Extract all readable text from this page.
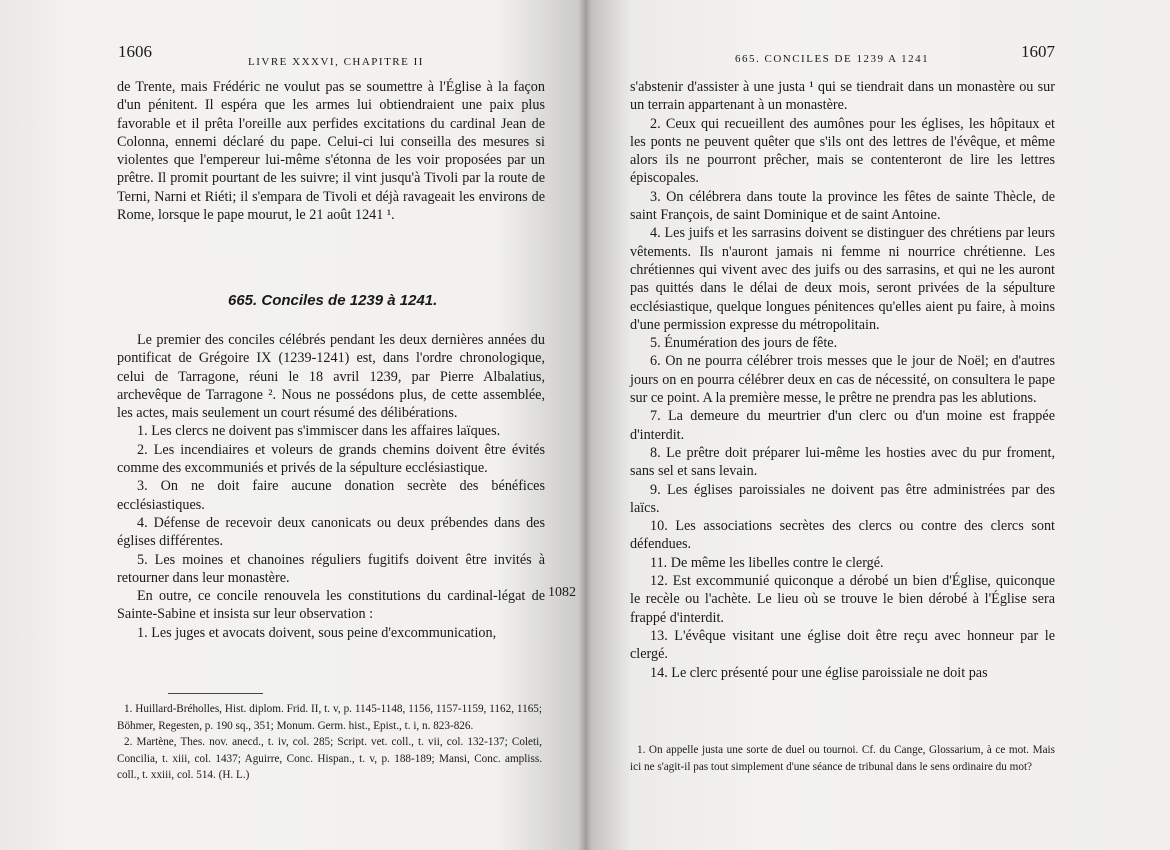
1606
LIVRE XXXVI, CHAPITRE II

de Trente, mais Frédéric ne voulut pas se soumettre à l'Église à la façon d'un pénitent. Il espéra que les armes lui obtiendraient une paix plus favorable et il prêta l'oreille aux perfides excitations du cardinal Jean de Colonna, ennemi déclaré du pape. Celui-ci lui conseilla des mesures si violentes que l'empereur lui-même s'étonna de les voir proposées par un prêtre. Il promit pourtant de les suivre; il vint jusqu'à Tivoli par la route de Terni, Narni et Riéti; il s'empara de Tivoli et déjà ravageait les environs de Rome, lorsque le pape mourut, le 21 août 1241 ¹.

665. Conciles de 1239 à 1241.

Le premier des conciles célébrés pendant les deux dernières années du pontificat de Grégoire IX (1239-1241) est, dans l'ordre chronologique, celui de Tarragone, réuni le 18 avril 1239, par Pierre Albalatius, archevêque de Tarragone ². Nous ne possédons plus, de cette assemblée, les actes, mais seulement un court résumé des délibérations.

1. Les clercs ne doivent pas s'immiscer dans les affaires laïques.

2. Les incendiaires et voleurs de grands chemins doivent être évités comme des excommuniés et privés de la sépulture ecclésiastique.

3. On ne doit faire aucune donation secrète des bénéfices ecclésiastiques.

4. Défense de recevoir deux canonicats ou deux prébendes dans des églises différentes.

5. Les moines et chanoines réguliers fugitifs doivent être invités à retourner dans leur monastère.

En outre, ce concile renouvela les constitutions du cardinal-légat de Sainte-Sabine et insista sur leur observation :

1. Les juges et avocats doivent, sous peine d'excommunication,

1082

1. Huillard-Bréholles, Hist. diplom. Frid. II, t. v, p. 1145-1148, 1156, 1157-1159, 1162, 1165; Böhmer, Regesten, p. 190 sq., 351; Monum. Germ. hist., Epist., t. i, n. 823-826.

2. Martène, Thes. nov. anecd., t. iv, col. 285; Script. vet. coll., t. vii, col. 132-137; Coleti, Concilia, t. xiii, col. 1437; Aguirre, Conc. Hispan., t. v, p. 188-189; Mansi, Conc. ampliss. coll., t. xxiii, col. 514. (H. L.)

665. CONCILES DE 1239 A 1241	1607

s'abstenir d'assister à une justa ¹ qui se tiendrait dans un monastère ou sur un terrain appartenant à un monastère.

2. Ceux qui recueillent des aumônes pour les églises, les hôpitaux et les ponts ne peuvent quêter que s'ils ont des lettres de l'évêque, et même alors ils ne pourront prêcher, mais se contenteront de lire les lettres épiscopales.

3. On célébrera dans toute la province les fêtes de sainte Thècle, de saint François, de saint Dominique et de saint Antoine.

4. Les juifs et les sarrasins doivent se distinguer des chrétiens par leurs vêtements. Ils n'auront jamais ni femme ni nourrice chrétienne. Les chrétiennes qui vivent avec des juifs ou des sarrasins, et qui ne les auront pas quittés dans le délai de deux mois, seront privées de la sépulture ecclésiastique, quelque longues pénitences qu'elles aient pu faire, à moins d'une permission expresse du métropolitain.

5. Énumération des jours de fête.

6. On ne pourra célébrer trois messes que le jour de Noël; en d'autres jours on en pourra célébrer deux en cas de nécessité, on consultera le pape sur ce point. A la première messe, le prêtre ne prendra pas les ablutions.

7. La demeure du meurtrier d'un clerc ou d'un moine est frappée d'interdit.

8. Le prêtre doit préparer lui-même les hosties avec du pur froment, sans sel et sans levain.

9. Les églises paroissiales ne doivent pas être administrées par des laïcs.

10. Les associations secrètes des clercs ou contre des clercs sont défendues.

11. De même les libelles contre le clergé.

12. Est excommunié quiconque a dérobé un bien d'Église, quiconque le recèle ou l'achète. Le lieu où se trouve le bien dérobé à l'Église sera frappé d'interdit.

13. L'évêque visitant une église doit être reçu avec honneur par le clergé.

14. Le clerc présenté pour une église paroissiale ne doit pas

1. On appelle justa une sorte de duel ou tournoi. Cf. du Cange, Glossarium, à ce mot. Mais ici ne s'agit-il pas tout simplement d'une séance de tribunal dans le sens ordinaire du mot?
